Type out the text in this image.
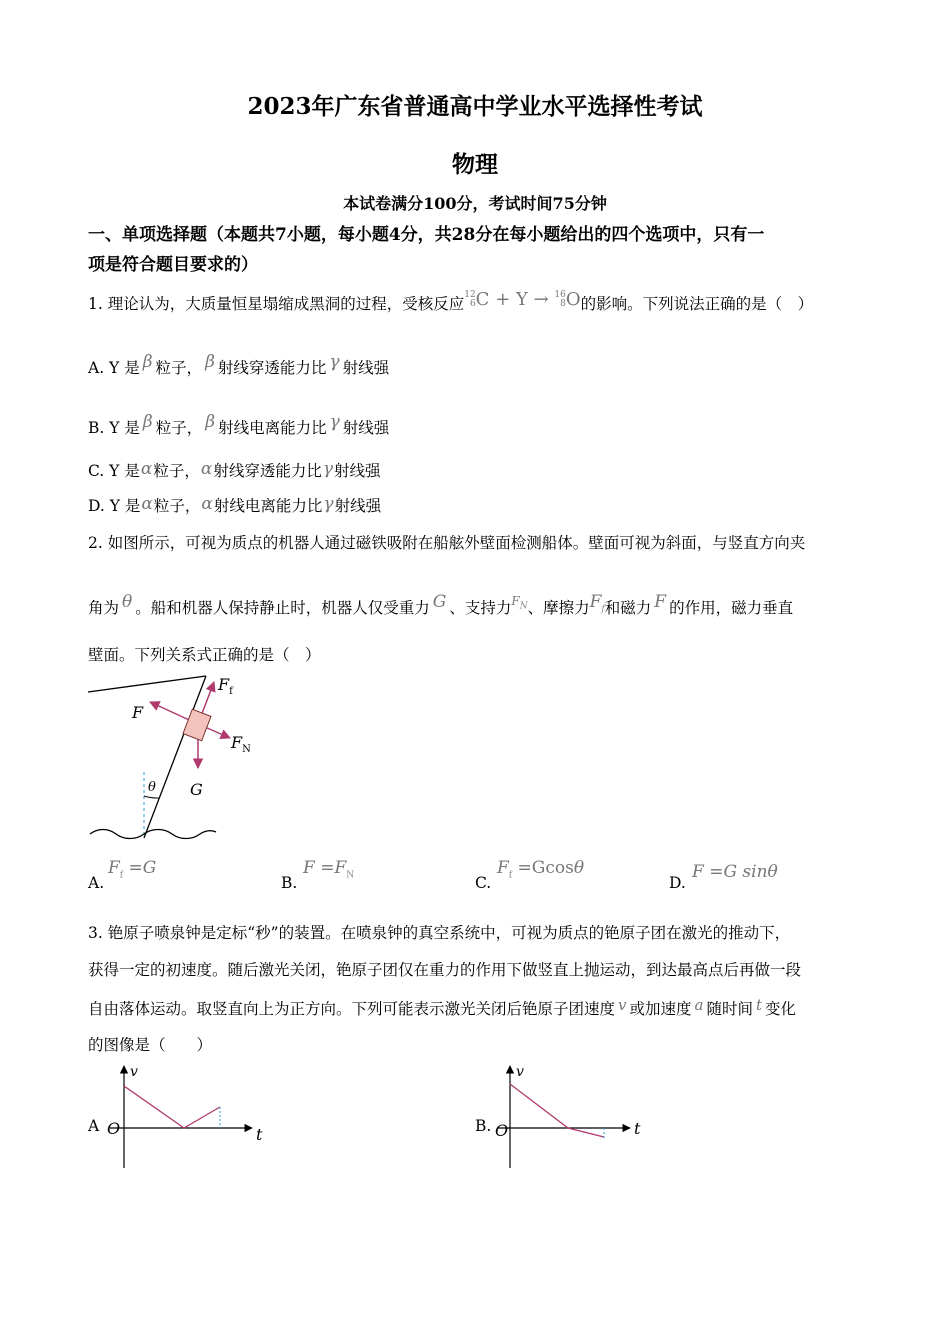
2023年广东省普通高中学业水平选择性考试
物理
本试卷满分100分，考试时间75分钟
一、单项选择题（本题共7小题，每小题4分，共28分在每小题给出的四个选项中，只有一
项是符合题目要求的）
1. 理论认为，大质量恒星塌缩成黑洞的过程，受核反应12
6C + Y → 16
8O的影响。下列说法正确的是（　）
A. Y 是 β 粒子， β 射线穿透能力比 γ 射线强
B. Y 是 β 粒子， β 射线电离能力比 γ 射线强
C. Y 是α粒子，α射线穿透能力比γ射线强
D. Y 是α粒子，α射线电离能力比γ射线强
2. 如图所示，可视为质点的机器人通过磁铁吸附在船舷外壁面检测船体。壁面可视为斜面，与竖直方向夹
角为 θ 。船和机器人保持静止时，机器人仅受重力 G 、支持力$^{F_N}$、摩擦力$F_f$和磁力 F 的作用，磁力垂直
壁面。下列关系式正确的是（　）
θ
F
$F_f$
$F_N$
G
A.
$F_f =G$
B.
$F =F_N$	C.
$F_f =Gcos\theta$
D.
F =G sinθ
3. 铯原子喷泉钟是定标“秒”的装置。在喷泉钟的真空系统中，可视为质点的铯原子团在激光的推动下，
获得一定的初速度。随后激光关闭，铯原子团仅在重力的作用下做竖直上抛运动，到达最高点后再做一段
自由落体运动。取竖直向上为正方向。下列可能表示激光关闭后铯原子团速度 v 或加速度 a 随时间 t 变化
的图像是（　　）
A
v
t
O	B.
v
t
O
